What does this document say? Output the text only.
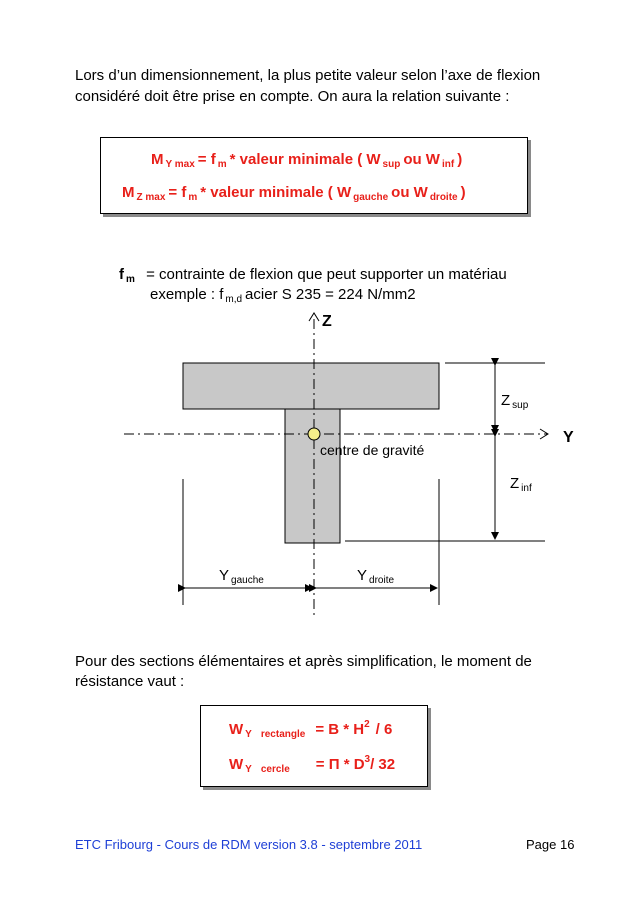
Lors d’un dimensionnement, la plus petite valeur selon l’axe de flexion
considéré doit être prise en compte. On aura la relation suivante :
M $_{Y max}$ = f $_m$ * valeur minimale ( W $_{sup}$ ou W $_{inf}$ )
M $_{Z max}$ = f $_m$ * valeur minimale ( W $_{gauche}$ ou W $_{droite}$ )
f $_m$ = contrainte de flexion que peut supporter un matériau
exemple : f $_{m,d}$ acier S 235 = 224 N/mm2
Z
Y
centre de gravité
Z $_{sup}$
Z $_{inf}$
Y $_{gauche}$	Y $_{droite}$
Pour des sections élémentaires et après simplification, le moment de
résistance vaut :
W $_Y$ $_{rectangle} = B * H^2 / 6$
W $_Y$ $_{cercle} = \Pi * D^3/$ 32
ETC Fribourg - Cours de RDM version 3.8 - septembre 2011	Page 16
